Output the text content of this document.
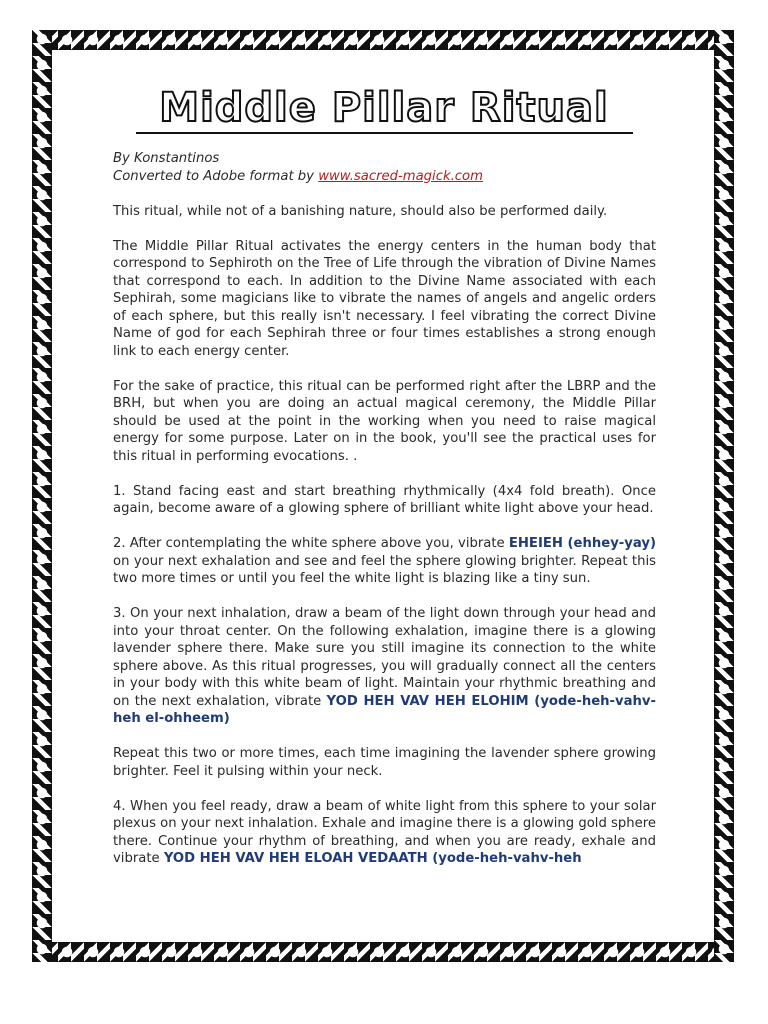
Middle Pillar Ritual

By Konstantinos
Converted to Adobe format by www.sacred-magick.com

This ritual, while not of a banishing nature, should also be performed daily.

The Middle Pillar Ritual activates the energy centers in the human body that correspond to Sephiroth on the Tree of Life through the vibration of Divine Names that correspond to each. In addition to the Divine Name associated with each Sephirah, some magicians like to vibrate the names of angels and angelic orders of each sphere, but this really isn't necessary. I feel vibrating the correct Divine Name of god for each Sephirah three or four times establishes a strong enough link to each energy center.

For the sake of practice, this ritual can be performed right after the LBRP and the BRH, but when you are doing an actual magical ceremony, the Middle Pillar should be used at the point in the working when you need to raise magical energy for some purpose. Later on in the book, you'll see the practical uses for this ritual in performing evocations. .

1. Stand facing east and start breathing rhythmically (4x4 fold breath). Once again, become aware of a glowing sphere of brilliant white light above your head.

2. After contemplating the white sphere above you, vibrate EHEIEH (ehhey-yay) on your next exhalation and see and feel the sphere glowing brighter. Repeat this two more times or until you feel the white light is blazing like a tiny sun.

3. On your next inhalation, draw a beam of the light down through your head and into your throat center. On the following exhalation, imagine there is a glowing lavender sphere there. Make sure you still imagine its connection to the white sphere above. As this ritual progresses, you will gradually connect all the centers in your body with this white beam of light. Maintain your rhythmic breathing and on the next exhalation, vibrate YOD HEH VAV HEH ELOHIM (yode-heh-vahv-heh el-ohheem)

Repeat this two or more times, each time imagining the lavender sphere growing brighter. Feel it pulsing within your neck.

4. When you feel ready, draw a beam of white light from this sphere to your solar plexus on your next inhalation. Exhale and imagine there is a glowing gold sphere there. Continue your rhythm of breathing, and when you are ready, exhale and vibrate YOD HEH VAV HEH ELOAH VEDAATH (yode-heh-vahv-heh
